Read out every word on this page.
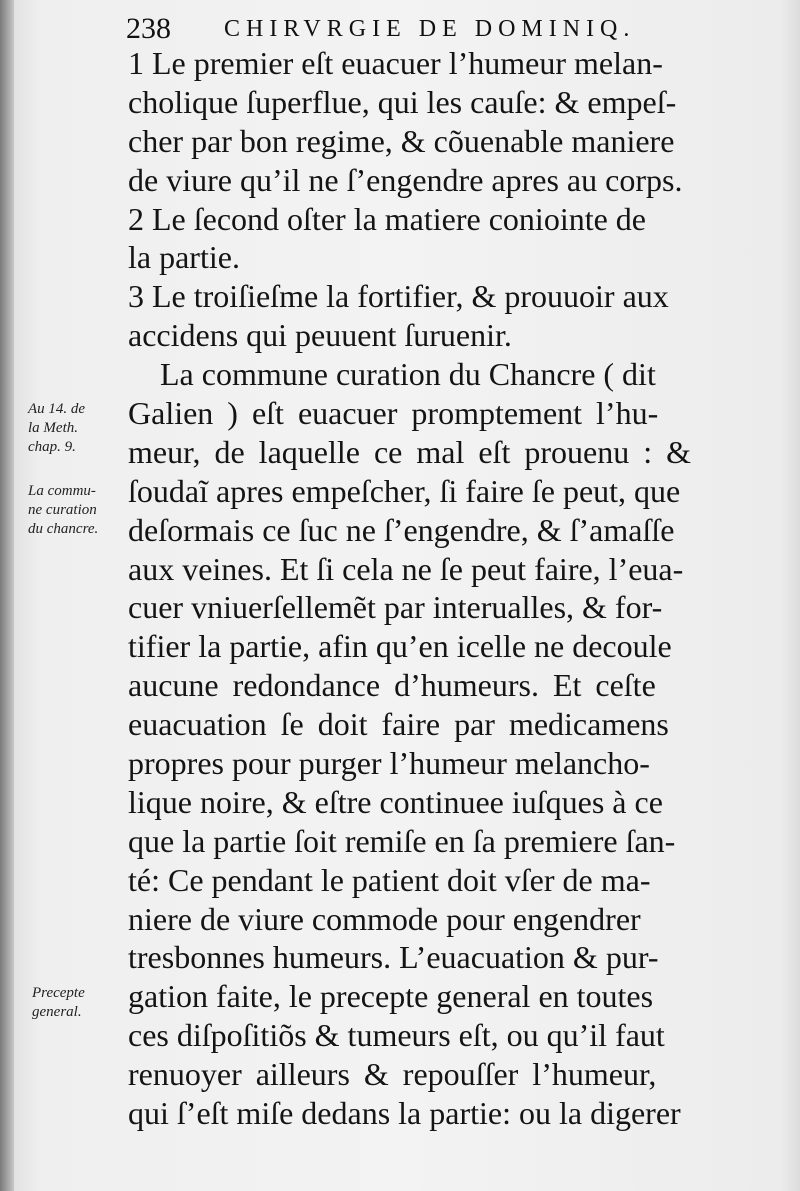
238 CHIRVRGIE DE DOMINIQ.
Au 14. de
la Meth.
chap. 9.
La commu-
ne curation
du chancre.
Precepte
general.
1 Le premier eſt euacuer l’humeur melan-
cholique ſuperflue, qui les cauſe: & empeſ-
cher par bon regime, & cõuenable maniere
de viure qu’il ne ſ’engendre apres au corps.
2 Le ſecond oſter la matiere coniointe de
la partie.
3 Le troiſieſme la fortifier, & prouuoir aux
accidens qui peuuent ſuruenir.
La commune curation du Chancre ( dit
Galien ) eſt euacuer promptement l’hu-
meur, de laquelle ce mal eſt prouenu : &
ſoudaĩ apres empeſcher, ſi faire ſe peut, que
deſormais ce ſuc ne ſ’engendre, & ſ’amaſſe
aux veines. Et ſi cela ne ſe peut faire, l’eua-
cuer vniuerſellemẽt par interualles, & for-
tifier la partie, afin qu’en icelle ne decoule
aucune redondance d’humeurs. Et ceſte
euacuation ſe doit faire par medicamens
propres pour purger l’humeur melancho-
lique noire, & eſtre continuee iuſques à ce
que la partie ſoit remiſe en ſa premiere ſan-
té: Ce pendant le patient doit vſer de ma-
niere de viure commode pour engendrer
tresbonnes humeurs. L’euacuation & pur-
gation faite, le precepte general en toutes
ces diſpoſitiõs & tumeurs eſt, ou qu’il faut
renuoyer ailleurs & repouſſer l’humeur,
qui ſ’eſt miſe dedans la partie: ou la digerer
